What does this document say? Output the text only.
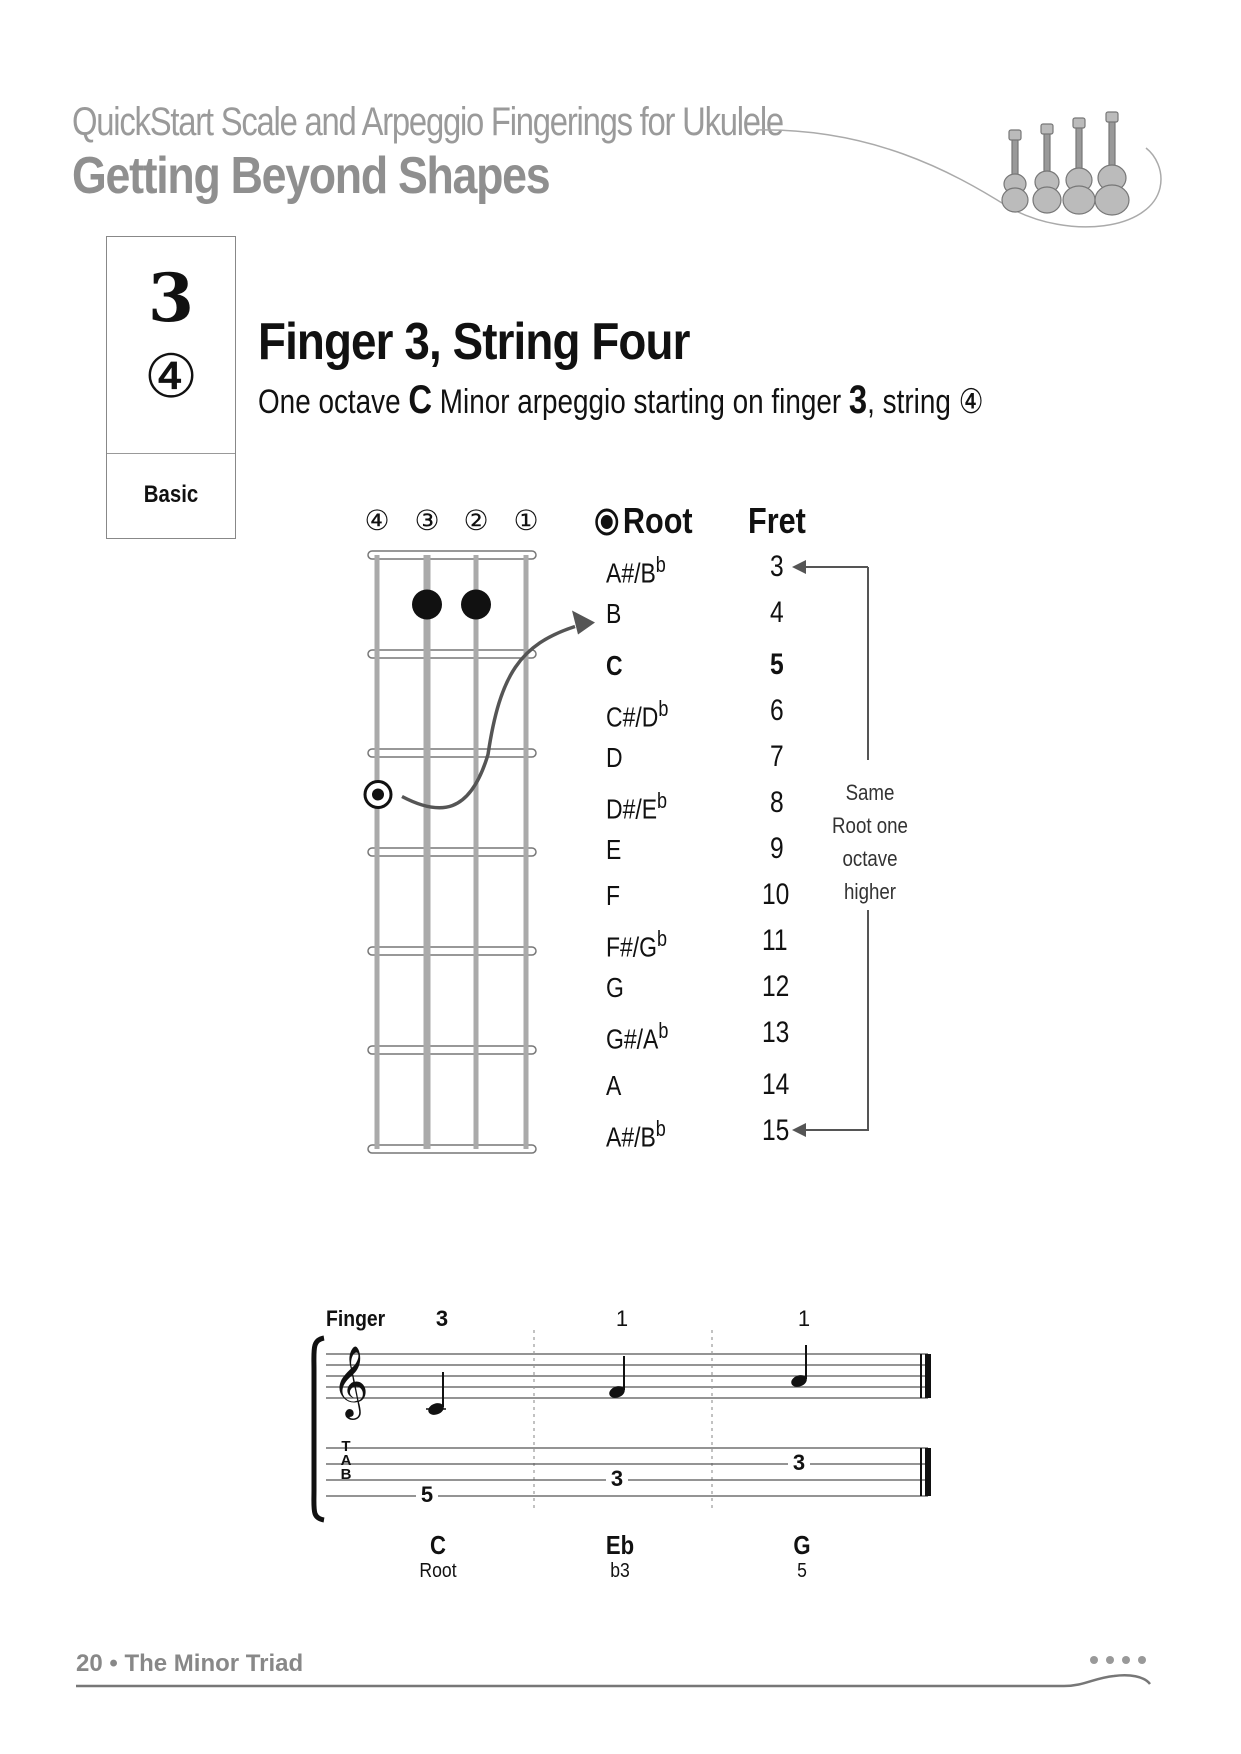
QuickStart Scale and Arpeggio Fingerings for Ukulele
Getting Beyond Shapes
3
④
Basic
Finger 3, String Four
One octave C Minor arpeggio starting on finger 3, string ④
④ ③ ② ①	Root Fret
$A\#/B^b$	3
B	4
C	5
$C\#/D^b$	6
D	7
$D\#/E^b$	8
E	9
F	10
$F\#/G^b$	11
G	12
$G\#/A^b$	13
A	14
$A\#/B^b$	15
Same
Root one
octave
higher
Finger	3	1	1
𝄞
T
A
B
5
3
3
C	Eb	G
Root	b3	5
20 • The Minor Triad
